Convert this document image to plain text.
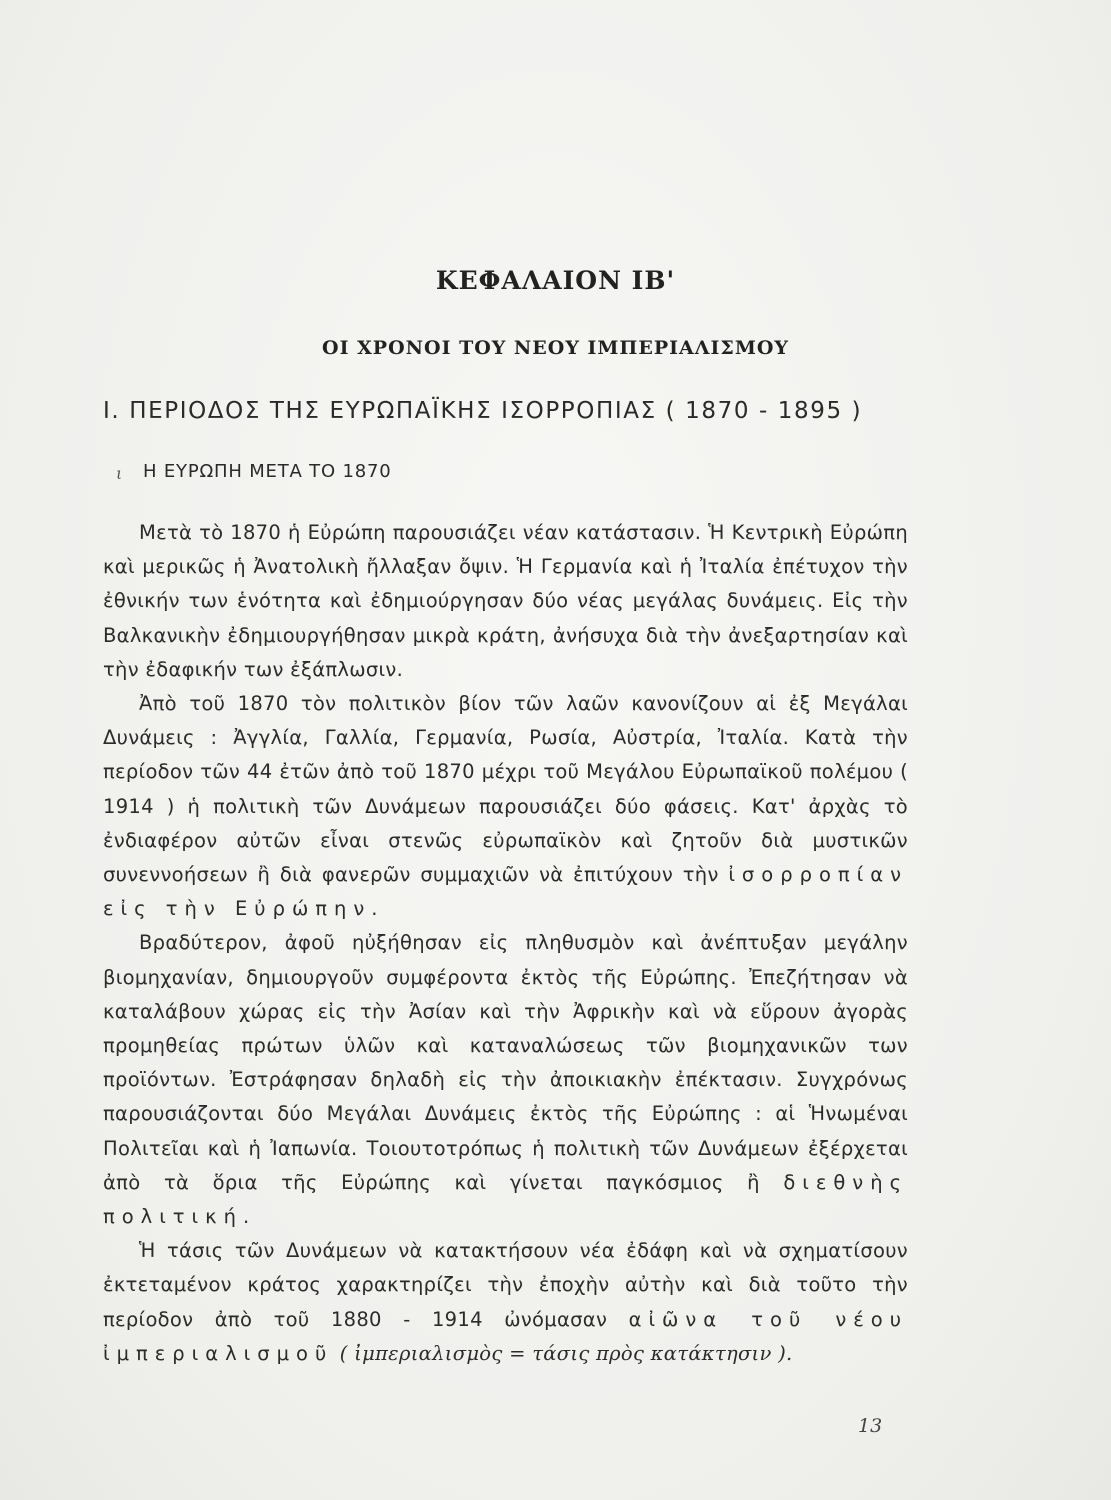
ΚΕΦΑΛΑΙΟΝ ΙΒ'
ΟΙ ΧΡΟΝΟΙ ΤΟΥ ΝΕΟΥ ΙΜΠΕΡΙΑΛΙΣΜΟΥ
Ι. ΠΕΡΙΟΔΟΣ ΤΗΣ ΕΥΡΩΠΑΪΚΗΣ ΙΣΟΡΡΟΠΙΑΣ ( 1870 - 1895 )
ι Η ΕΥΡΩΠΗ ΜΕΤΑ ΤΟ 1870

Μετὰ τὸ 1870 ἡ Εὐρώπη παρουσιάζει νέαν κατάστασιν. Ἡ Κεντρικὴ Εὐρώπη καὶ μερικῶς ἡ Ἀνατολικὴ ἤλλαξαν ὄψιν. Ἡ Γερμανία καὶ ἡ Ἰταλία ἐπέτυχον τὴν ἐθνικήν των ἑνότητα καὶ ἐδημιούργησαν δύο νέας μεγάλας δυνάμεις. Εἰς τὴν Βαλκανικὴν ἐδημιουργήθησαν μικρὰ κράτη, ἀνήσυχα διὰ τὴν ἀνεξαρτησίαν καὶ τὴν ἐδαφικήν των ἐξάπλωσιν.

Ἀπὸ τοῦ 1870 τὸν πολιτικὸν βίον τῶν λαῶν κανονίζουν αἱ ἐξ Μεγάλαι Δυνάμεις : Ἀγγλία, Γαλλία, Γερμανία, Ρωσία, Αὐστρία, Ἰταλία. Κατὰ τὴν περίοδον τῶν 44 ἐτῶν ἀπὸ τοῦ 1870 μέχρι τοῦ Μεγάλου Εὐρωπαϊκοῦ πολέμου ( 1914 ) ἡ πολιτικὴ τῶν Δυνάμεων παρουσιάζει δύο φάσεις. Κατ' ἀρχὰς τὸ ἐνδιαφέρον αὐτῶν εἶναι στενῶς εὐρωπαϊκὸν καὶ ζητοῦν διὰ μυστικῶν συνεννοήσεων ἢ διὰ φανερῶν συμμαχιῶν νὰ ἐπιτύχουν τὴν ἰσορροπίαν εἰς τὴν Εὐρώπην.

Βραδύτερον, ἀφοῦ ηὐξήθησαν εἰς πληθυσμὸν καὶ ἀνέπτυξαν μεγάλην βιομηχανίαν, δημιουργοῦν συμφέροντα ἐκτὸς τῆς Εὐρώπης. Ἐπεζήτησαν νὰ καταλάβουν χώρας εἰς τὴν Ἀσίαν καὶ τὴν Ἀφρικὴν καὶ νὰ εὕρουν ἀγορὰς προμηθείας πρώτων ὑλῶν καὶ καταναλώσεως τῶν βιομηχανικῶν των προϊόντων. Ἐστράφησαν δηλαδὴ εἰς τὴν ἀποικιακὴν ἐπέκτασιν. Συγχρόνως παρουσιάζονται δύο Μεγάλαι Δυνάμεις ἐκτὸς τῆς Εὐρώπης : αἱ Ἡνωμέναι Πολιτεῖαι καὶ ἡ Ἰαπωνία. Τοιουτοτρόπως ἡ πολιτικὴ τῶν Δυνάμεων ἐξέρχεται ἀπὸ τὰ ὅρια τῆς Εὐρώπης καὶ γίνεται παγκόσμιος ἢ διεθνὴς πολιτική.

Ἡ τάσις τῶν Δυνάμεων νὰ κατακτήσουν νέα ἐδάφη καὶ νὰ σχηματίσουν ἐκτεταμένον κράτος χαρακτηρίζει τὴν ἐποχὴν αὐτὴν καὶ διὰ τοῦτο τὴν περίοδον ἀπὸ τοῦ 1880 - 1914 ὠνόμασαν αἰῶνα τοῦ νέου ἰμπεριαλισμοῦ ( ἰμπεριαλισμὸς = τάσις πρὸς κατάκτησιν ).

13
